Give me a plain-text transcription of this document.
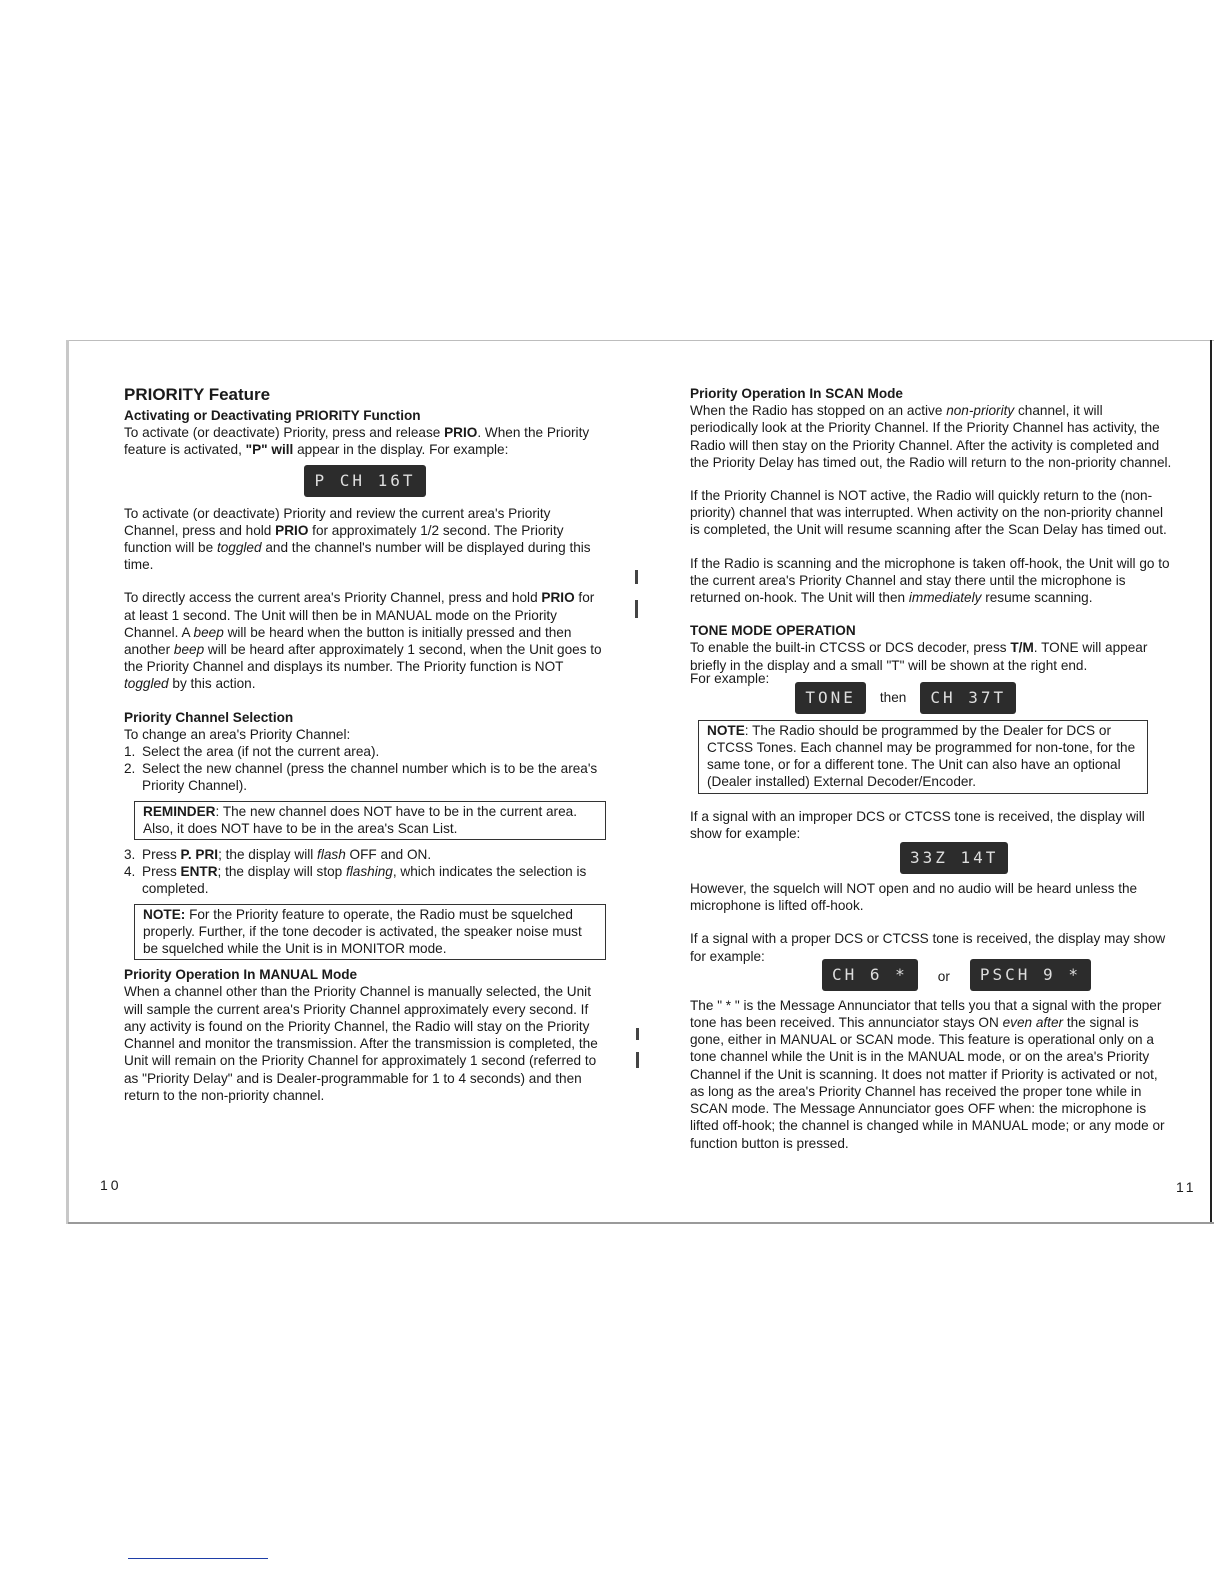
PRIORITY Feature
Activating or Deactivating PRIORITY Function

To activate (or deactivate) Priority, press and release PRIO. When the Priority feature is activated, "P" will appear in the display. For example:

P CH 16T

To activate (or deactivate) Priority and review the current area's Priority Channel, press and hold PRIO for approximately 1/2 second. The Priority function will be toggled and the channel's number will be displayed during this time.

To directly access the current area's Priority Channel, press and hold PRIO for at least 1 second. The Unit will then be in MANUAL mode on the Priority Channel. A beep will be heard when the button is initially pressed and then another beep will be heard after approximately 1 second, when the Unit goes to the Priority Channel and displays its number. The Priority function is NOT toggled by this action.

Priority Channel Selection

To change an area's Priority Channel:

1. Select the area (if not the current area).
2. Select the new channel (press the channel number which is to be the area's Priority Channel).
REMINDER: The new channel does NOT have to be in the current area. Also, it does NOT have to be in the area's Scan List.
3. Press P. PRI; the display will flash OFF and ON.
4. Press ENTR; the display will stop flashing, which indicates the selection is completed.
NOTE: For the Priority feature to operate, the Radio must be squelched properly. Further, if the tone decoder is activated, the speaker noise must be squelched while the Unit is in MONITOR mode.
Priority Operation In MANUAL Mode

When a channel other than the Priority Channel is manually selected, the Unit will sample the current area's Priority Channel approximately every second. If any activity is found on the Priority Channel, the Radio will stay on the Priority Channel and monitor the transmission. After the transmission is completed, the Unit will remain on the Priority Channel for approximately 1 second (referred to as "Priority Delay" and is Dealer-programmable for 1 to 4 seconds) and then return to the non-priority channel.

10
Priority Operation In SCAN Mode

When the Radio has stopped on an active non-priority channel, it will periodically look at the Priority Channel. If the Priority Channel has activity, the Radio will then stay on the Priority Channel. After the activity is completed and the Priority Delay has timed out, the Radio will return to the non-priority channel.

If the Priority Channel is NOT active, the Radio will quickly return to the (non-priority) channel that was interrupted. When activity on the non-priority channel is completed, the Unit will resume scanning after the Scan Delay has timed out.

If the Radio is scanning and the microphone is taken off-hook, the Unit will go to the current area's Priority Channel and stay there until the microphone is returned on-hook. The Unit will then immediately resume scanning.

TONE MODE OPERATION

To enable the built-in CTCSS or DCS decoder, press T/M. TONE will appear briefly in the display and a small "T" will be shown at the right end.

For example:
TONE	then	CH 37T
NOTE: The Radio should be programmed by the Dealer for DCS or CTCSS Tones. Each channel may be programmed for non-tone, for the same tone, or for a different tone. The Unit can also have an optional (Dealer installed) External Decoder/Encoder.

If a signal with an improper DCS or CTCSS tone is received, the display will show for example:

33Z 14T

However, the squelch will NOT open and no audio will be heard unless the microphone is lifted off-hook.

If a signal with a proper DCS or CTCSS tone is received, the display may show for example:

CH 6 *	or	PSCH 9 *

The " * " is the Message Annunciator that tells you that a signal with the proper tone has been received. This annunciator stays ON even after the signal is gone, either in MANUAL or SCAN mode. This feature is operational only on a tone channel while the Unit is in the MANUAL mode, or on the area's Priority Channel if the Unit is scanning. It does not matter if Priority is activated or not, as long as the area's Priority Channel has received the proper tone while in SCAN mode. The Message Annunciator goes OFF when: the microphone is lifted off-hook; the channel is changed while in MANUAL mode; or any mode or function button is pressed.

11
